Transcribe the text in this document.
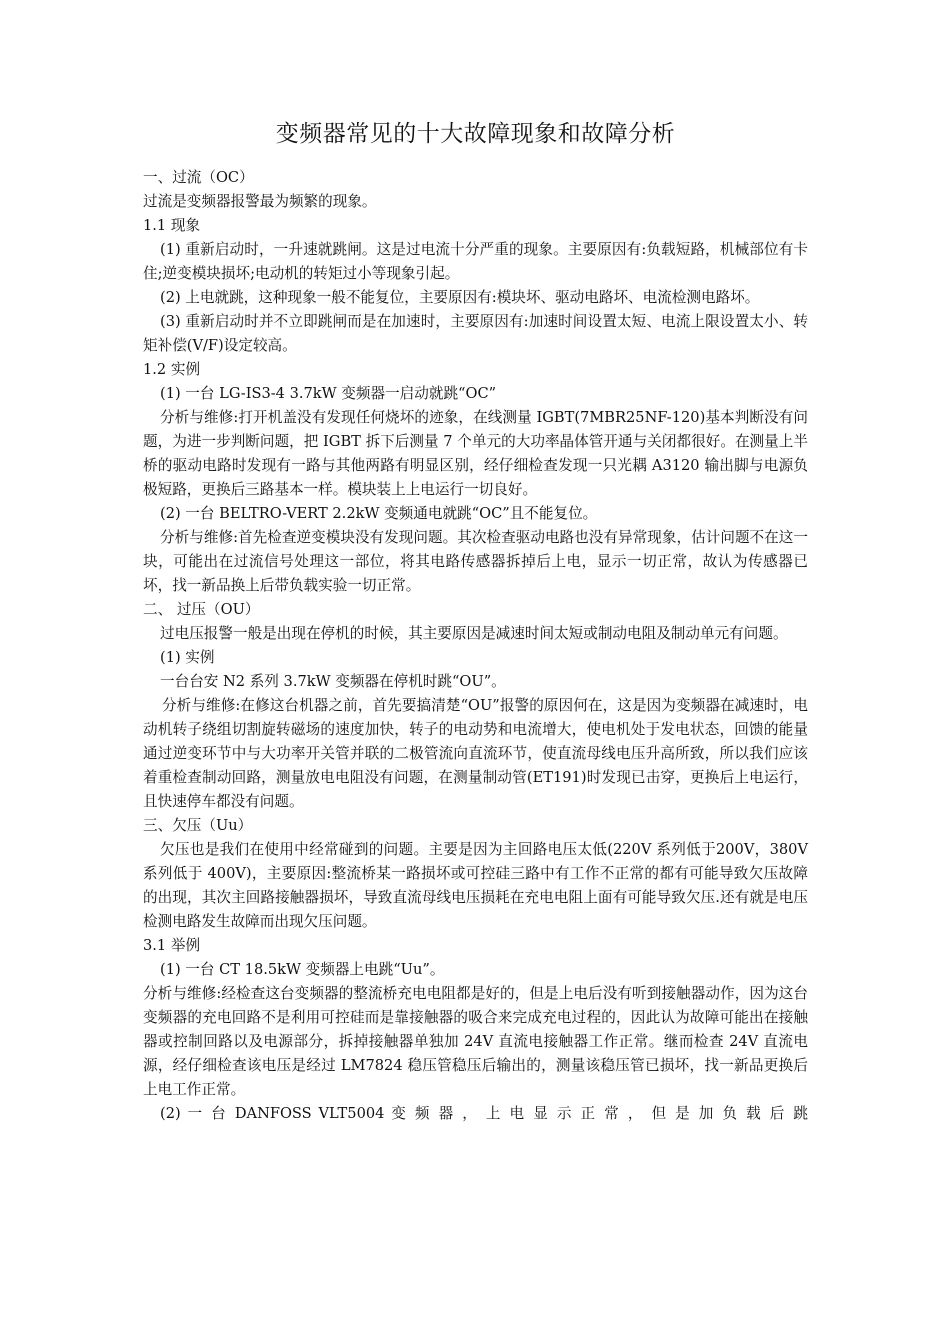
变频器常见的十大故障现象和故障分析

一、过流（OC）

过流是变频器报警最为频繁的现象。

1.1 现象

(1) 重新启动时，一升速就跳闸。这是过电流十分严重的现象。主要原因有:负载短路，机械部位有卡住;逆变模块损坏;电动机的转矩过小等现象引起。

(2) 上电就跳，这种现象一般不能复位，主要原因有:模块坏、驱动电路坏、电流检测电路坏。

(3) 重新启动时并不立即跳闸而是在加速时，主要原因有:加速时间设置太短、电流上限设置太小、转矩补偿(V/F)设定较高。

1.2 实例

(1) 一台 LG-IS3-4 3.7kW 变频器一启动就跳“OC”

分析与维修:打开机盖没有发现任何烧坏的迹象，在线测量 IGBT(7MBR25NF-120)基本判断没有问题，为进一步判断问题，把 IGBT 拆下后测量 7 个单元的大功率晶体管开通与关闭都很好。在测量上半桥的驱动电路时发现有一路与其他两路有明显区别，经仔细检查发现一只光耦 A3120 输出脚与电源负极短路，更换后三路基本一样。模块装上上电运行一切良好。

(2) 一台 BELTRO-VERT 2.2kW 变频通电就跳“OC”且不能复位。

分析与维修:首先检查逆变模块没有发现问题。其次检查驱动电路也没有异常现象，估计问题不在这一块，可能出在过流信号处理这一部位，将其电路传感器拆掉后上电，显示一切正常，故认为传感器已坏，找一新品换上后带负载实验一切正常。

二、 过压（OU）

过电压报警一般是出现在停机的时候，其主要原因是减速时间太短或制动电阻及制动单元有问题。

(1) 实例

一台台安 N2 系列 3.7kW 变频器在停机时跳“OU”。

分析与维修:在修这台机器之前，首先要搞清楚“OU”报警的原因何在，这是因为变频器在减速时，电动机转子绕组切割旋转磁场的速度加快，转子的电动势和电流增大，使电机处于发电状态，回馈的能量通过逆变环节中与大功率开关管并联的二极管流向直流环节，使直流母线电压升高所致，所以我们应该着重检查制动回路，测量放电电阻没有问题，在测量制动管(ET191)时发现已击穿，更换后上电运行，且快速停车都没有问题。

三、欠压（Uu）

欠压也是我们在使用中经常碰到的问题。主要是因为主回路电压太低(220V 系列低于200V，380V 系列低于 400V)，主要原因:整流桥某一路损坏或可控硅三路中有工作不正常的都有可能导致欠压故障的出现，其次主回路接触器损坏，导致直流母线电压损耗在充电电阻上面有可能导致欠压.还有就是电压检测电路发生故障而出现欠压问题。

3.1 举例

(1) 一台 CT 18.5kW 变频器上电跳“Uu”。

分析与维修:经检查这台变频器的整流桥充电电阻都是好的，但是上电后没有听到接触器动作，因为这台变频器的充电回路不是利用可控硅而是靠接触器的吸合来完成充电过程的，因此认为故障可能出在接触器或控制回路以及电源部分，拆掉接触器单独加 24V 直流电接触器工作正常。继而检查 24V 直流电源，经仔细检查该电压是经过 LM7824 稳压管稳压后输出的，测量该稳压管已损坏，找一新品更换后上电工作正常。

(2) 一 台 DANFOSS VLT5004 变 频 器 ， 上 电 显 示 正 常 ， 但 是 加 负 载 后 跳
